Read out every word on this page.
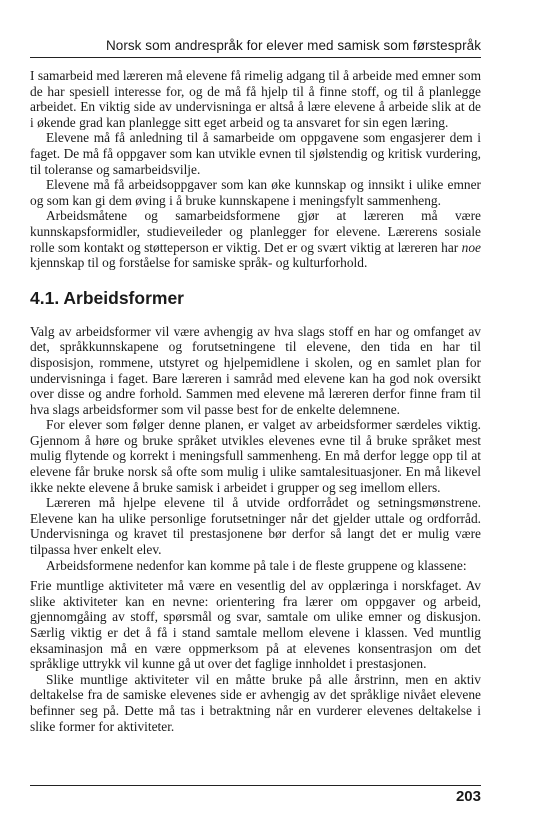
Norsk som andrespråk for elever med samisk som førstespråk

I samarbeid med læreren må elevene få rimelig adgang til å arbeide med emner som de har spesiell interesse for, og de må få hjelp til å finne stoff, og til å planlegge arbeidet. En viktig side av undervisninga er altså å lære elevene å arbeide slik at de i økende grad kan planlegge sitt eget arbeid og ta ansvaret for sin egen læring.

Elevene må få anledning til å samarbeide om oppgavene som engasjerer dem i faget. De må få oppgaver som kan utvikle evnen til sjølstendig og kritisk vurdering, til toleranse og samarbeidsvilje.

Elevene må få arbeidsoppgaver som kan øke kunnskap og innsikt i ulike emner og som kan gi dem øving i å bruke kunnskapene i meningsfylt sammenheng.

Arbeidsmåtene og samarbeidsformene gjør at læreren må være kunnskapsformidler, studieveileder og planlegger for elevene. Lærerens sosiale rolle som kontakt og støtteperson er viktig. Det er og svært viktig at læreren har noe kjennskap til og forståelse for samiske språk- og kulturforhold.

4.1. Arbeidsformer

Valg av arbeidsformer vil være avhengig av hva slags stoff en har og omfanget av det, språkkunnskapene og forutsetningene til elevene, den tida en har til disposisjon, rommene, utstyret og hjelpemidlene i skolen, og en samlet plan for undervisninga i faget. Bare læreren i samråd med elevene kan ha god nok oversikt over disse og andre forhold. Sammen med elevene må læreren derfor finne fram til hva slags arbeidsformer som vil passe best for de enkelte delemnene.

For elever som følger denne planen, er valget av arbeidsformer særdeles viktig. Gjennom å høre og bruke språket utvikles elevenes evne til å bruke språket mest mulig flytende og korrekt i meningsfull sammenheng. En må derfor legge opp til at elevene får bruke norsk så ofte som mulig i ulike samtalesituasjoner. En må likevel ikke nekte elevene å bruke samisk i arbeidet i grupper og seg imellom ellers.

Læreren må hjelpe elevene til å utvide ordforrådet og setningsmønstrene. Elevene kan ha ulike personlige forutsetninger når det gjelder uttale og ordforråd. Undervisninga og kravet til prestasjonene bør derfor så langt det er mulig være tilpassa hver enkelt elev.

Arbeidsformene nedenfor kan komme på tale i de fleste gruppene og klassene:

Frie muntlige aktiviteter må være en vesentlig del av opplæringa i norskfaget. Av slike aktiviteter kan en nevne: orientering fra lærer om oppgaver og arbeid, gjennomgåing av stoff, spørsmål og svar, samtale om ulike emner og diskusjon. Særlig viktig er det å få i stand samtale mellom elevene i klassen. Ved muntlig eksaminasjon må en være oppmerksom på at elevenes konsentrasjon om det språklige uttrykk vil kunne gå ut over det faglige innholdet i prestasjonen.

Slike muntlige aktiviteter vil en måtte bruke på alle årstrinn, men en aktiv deltakelse fra de samiske elevenes side er avhengig av det språklige nivået elevene befinner seg på. Dette må tas i betraktning når en vurderer elevenes deltakelse i slike former for aktiviteter.

203
